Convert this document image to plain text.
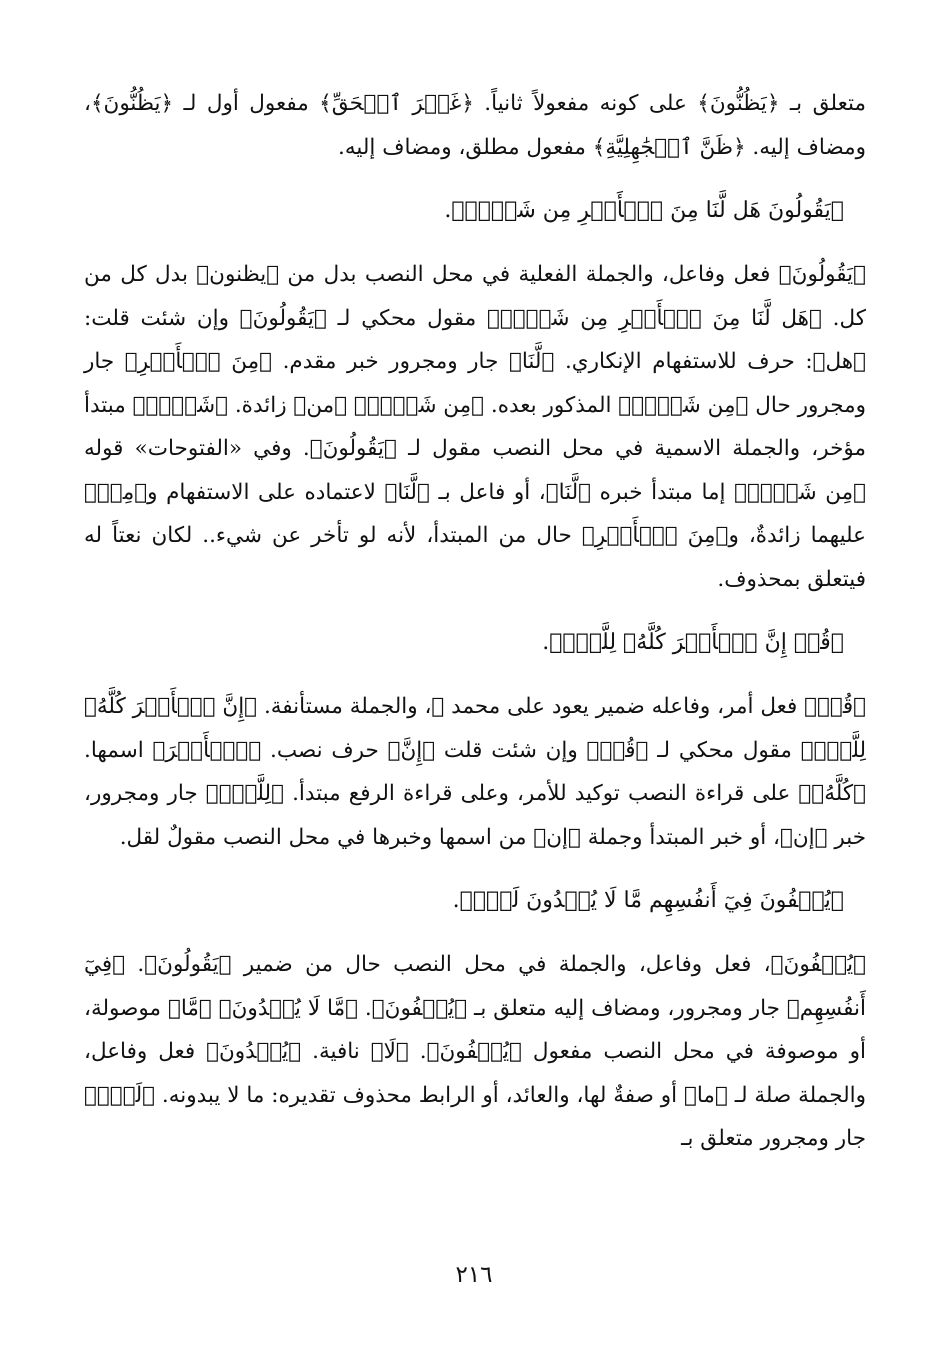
متعلق بـ ﴿يَظُنُّونَ﴾ على كونه مفعولاً ثانياً. ﴿غَيۡرَ ٱلۡحَقِّ﴾ مفعول أول لـ ﴿يَظُنُّونَ﴾، ومضاف إليه. ﴿ظَنَّ ٱلۡجَٰهِلِيَّةِ﴾ مفعول مطلق، ومضاف إليه.

﴿يَقُولُونَ هَل لَّنَا مِنَ ٱلۡأَمۡرِ مِن شَيۡءٖ﴾.

﴿يَقُولُونَ﴾ فعل وفاعل، والجملة الفعلية في محل النصب بدل من ﴿يظنون﴾ بدل كل من كل. ﴿هَل لَّنَا مِنَ ٱلۡأَمۡرِ مِن شَيۡءٖ﴾ مقول محكي لـ ﴿يَقُولُونَ﴾ وإن شئت قلت: ﴿هل﴾: حرف للاستفهام الإنكاري. ﴿لَّنَا﴾ جار ومجرور خبر مقدم. ﴿مِنَ ٱلۡأَمۡرِ﴾ جار ومجرور حال ﴿مِن شَيۡءٖ﴾ المذكور بعده. ﴿مِن شَيۡءٖ﴾ ﴿من﴾ زائدة. ﴿شَيۡءٖ﴾ مبتدأ مؤخر، والجملة الاسمية في محل النصب مقول لـ ﴿يَقُولُونَ﴾. وفي «الفتوحات» قوله ﴿مِن شَيۡءٖ﴾ إما مبتدأ خبره ﴿لَّنَا﴾، أو فاعل بـ ﴿لَّنَا﴾ لاعتماده على الاستفهام و﴿مِنۡ﴾ عليهما زائدةٌ، و﴿مِنَ ٱلۡأَمۡرِ﴾ حال من المبتدأ، لأنه لو تأخر عن شيء.. لكان نعتاً له فيتعلق بمحذوف.

﴿قُلۡ إِنَّ ٱلۡأَمۡرَ كُلَّهُۥ لِلَّهِۗ﴾.

﴿قُلۡ﴾ فعل أمر، وفاعله ضمير يعود على محمد ﷺ، والجملة مستأنفة. ﴿إِنَّ ٱلۡأَمۡرَ كُلَّهُۥ لِلَّهِۗ﴾ مقول محكي لـ ﴿قُلۡ﴾ وإن شئت قلت ﴿إِنَّ﴾ حرف نصب. ﴿ٱلۡأَمۡرَ﴾ اسمها. ﴿كُلَّهُۥ﴾ على قراءة النصب توكيد للأمر، وعلى قراءة الرفع مبتدأ. ﴿لِلَّهِۗ﴾ جار ومجرور، خبر ﴿إن﴾، أو خبر المبتدأ وجملة ﴿إن﴾ من اسمها وخبرها في محل النصب مقولٌ لقل.

﴿يُخۡفُونَ فِيٓ أَنفُسِهِم مَّا لَا يُبۡدُونَ لَكَۖ﴾.

﴿يُخۡفُونَ﴾، فعل وفاعل، والجملة في محل النصب حال من ضمير ﴿يَقُولُونَ﴾. ﴿فِيٓ أَنفُسِهِم﴾ جار ومجرور، ومضاف إليه متعلق بـ ﴿يُخۡفُونَ﴾. ﴿مَّا لَا يُبۡدُونَ﴾ ﴿مَّا﴾ موصولة، أو موصوفة في محل النصب مفعول ﴿يُخۡفُونَ﴾. ﴿لَا﴾ نافية. ﴿يُبۡدُونَ﴾ فعل وفاعل، والجملة صلة لـ ﴿ما﴾ أو صفةٌ لها، والعائد، أو الرابط محذوف تقديره: ما لا يبدونه. ﴿لَكَۖ﴾ جار ومجرور متعلق بـ

٢١٦
